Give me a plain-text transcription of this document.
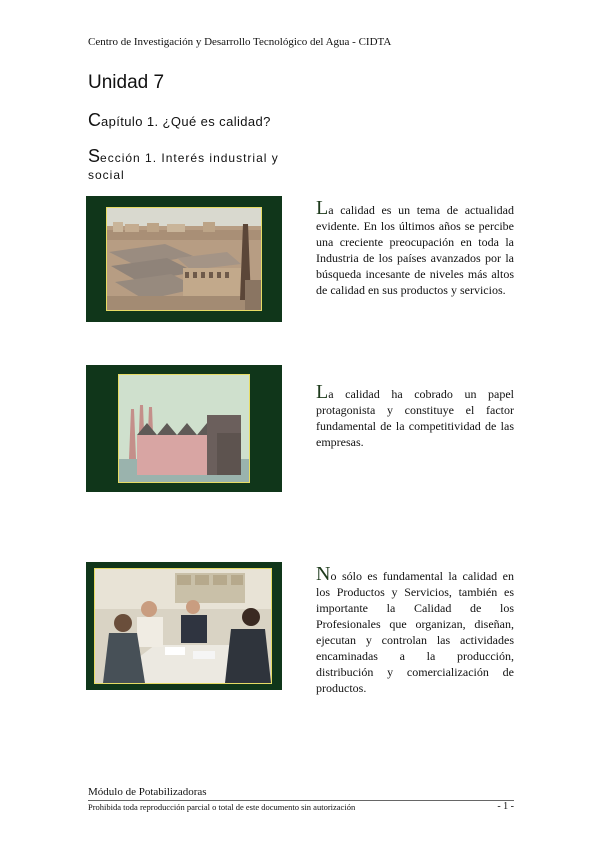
Centro de Investigación y Desarrollo Tecnológico del Agua - CIDTA
Unidad 7
Capítulo 1. ¿Qué es calidad?
Sección 1. Interés industrial y social
La calidad es un tema de actualidad evidente. En los últimos años se percibe una creciente preocupación en toda la Industria de los países avanzados por la búsqueda incesante de niveles más altos de calidad en sus productos y servicios.
La calidad ha cobrado un papel protagonista y constituye el factor fundamental de la competitividad de las empresas.
No sólo es fundamental la calidad en los Productos y Servicios, también es importante la Calidad de los Profesionales que organizan, diseñan, ejecutan y controlan las actividades encaminadas a la producción, distribución y comercialización de productos.
Módulo de Potabilizadoras
Prohibida toda reproducción parcial o total de este documento sin autorización	- 1 -
